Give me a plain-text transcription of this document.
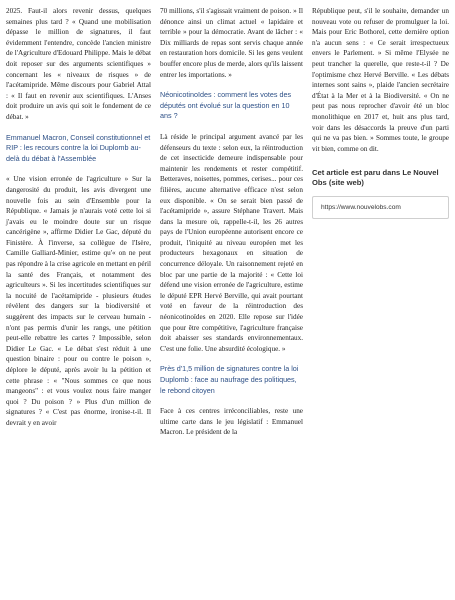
2025. Faut-il alors revenir dessus, quelques semaines plus tard ? « Quand une mobilisation dépasse le million de signatures, il faut évidemment l'entendre, concède l'ancien ministre de l'Agriculture d'Edouard Philippe. Mais le débat doit reposer sur des arguments scientifiques » concernant les « niveaux de risques » de l'acétamipride. Même discours pour Gabriel Attal : « Il faut en revenir aux scientifiques. L'Anses doit produire un avis qui soit le fondement de ce débat. »

Emmanuel Macron, Conseil constitutionnel et RIP : les recours contre la loi Duplomb au-delà du débat à l'Assemblée

« Une vision erronée de l'agriculture » Sur la dangerosité du produit, les avis divergent une nouvelle fois au sein d'Ensemble pour la République. « Jamais je n'aurais voté cette loi si j'avais eu le moindre doute sur un risque cancérigène », affirme Didier Le Gac, député du Finistère. À l'inverse, sa collègue de l'Isère, Camille Galliard-Minier, estime qu'« on ne peut pas répondre à la crise agricole en mettant en péril la santé des Français, et notamment des agriculteurs ». Si les incertitudes scientifiques sur la nocuité de l'acétamipride - plusieurs études révèlent des dangers sur la biodiversité et suggèrent des impacts sur le cerveau humain - n'ont pas permis d'unir les rangs, une pétition peut-elle rebattre les cartes ? Impossible, selon Didier Le Gac. « Le débat s'est réduit à une question binaire : pour ou contre le poison », déplore le député, après avoir lu la pétition et cette phrase : « "Nous sommes ce que nous mangeons" : et vous voulez nous faire manger quoi ? Du poison ? » Plus d'un million de signatures ? « C'est pas énorme, ironise-t-il. Il devrait y en avoir

70 millions, s'il s'agissait vraiment de poison. » Il dénonce ainsi un climat actuel « lapidaire et terrible » pour la démocratie. Avant de lâcher : « Dix milliards de repas sont servis chaque année en restauration hors domicile. Si les gens veulent bouffer encore plus de merde, alors qu'ils laissent entrer les importations. »

Néonicotinoïdes : comment les votes des députés ont évolué sur la question en 10 ans ?

Là réside le principal argument avancé par les défenseurs du texte : selon eux, la réintroduction de cet insecticide demeure indispensable pour maintenir les rendements et rester compétitif. Betteraves, noisettes, pommes, cerises... pour ces filières, aucune alternative efficace n'est selon eux disponible. « On se serait bien passé de l'acétamipride », assure Stéphane Travert. Mais dans la mesure où, rappelle-t-il, les 26 autres pays de l'Union européenne autorisent encore ce produit, l'iniquité au niveau européen met les producteurs hexagonaux en situation de concurrence déloyale. Un raisonnement rejeté en bloc par une partie de la majorité : « Cette loi défend une vision erronée de l'agriculture, estime le député EPR Hervé Berville, qui avait pourtant voté en faveur de la réintroduction des néonicotinoïdes en 2020. Elle repose sur l'idée que pour être compétitive, l'agriculture française doit abaisser ses standards environnementaux. C'est une folie. Une absurdité écologique. »

Près d'1,5 million de signatures contre la loi Duplomb : face au naufrage des politiques, le rebond citoyen

Face à ces centres irréconciliables, reste une ultime carte dans le jeu législatif : Emmanuel Macron. Le président de la

République peut, s'il le souhaite, demander un nouveau vote ou refuser de promulguer la loi. Mais pour Eric Bothorel, cette dernière option n'a aucun sens : « Ce serait irrespectueux envers le Parlement. » Si même l'Elysée ne peut trancher la querelle, que reste-t-il ? De l'optimisme chez Hervé Berville. « Les débats internes sont sains », plaide l'ancien secrétaire d'État à la Mer et à la Biodiversité. « On ne peut pas nous reprocher d'avoir été un bloc monolithique en 2017 et, huit ans plus tard, voir dans les désaccords la preuve d'un parti qui ne va pas bien. » Sommes toute, le groupe vit bien, comme on dit.

Cet article est paru dans Le Nouvel Obs (site web)
https://www.nouvelobs.com
